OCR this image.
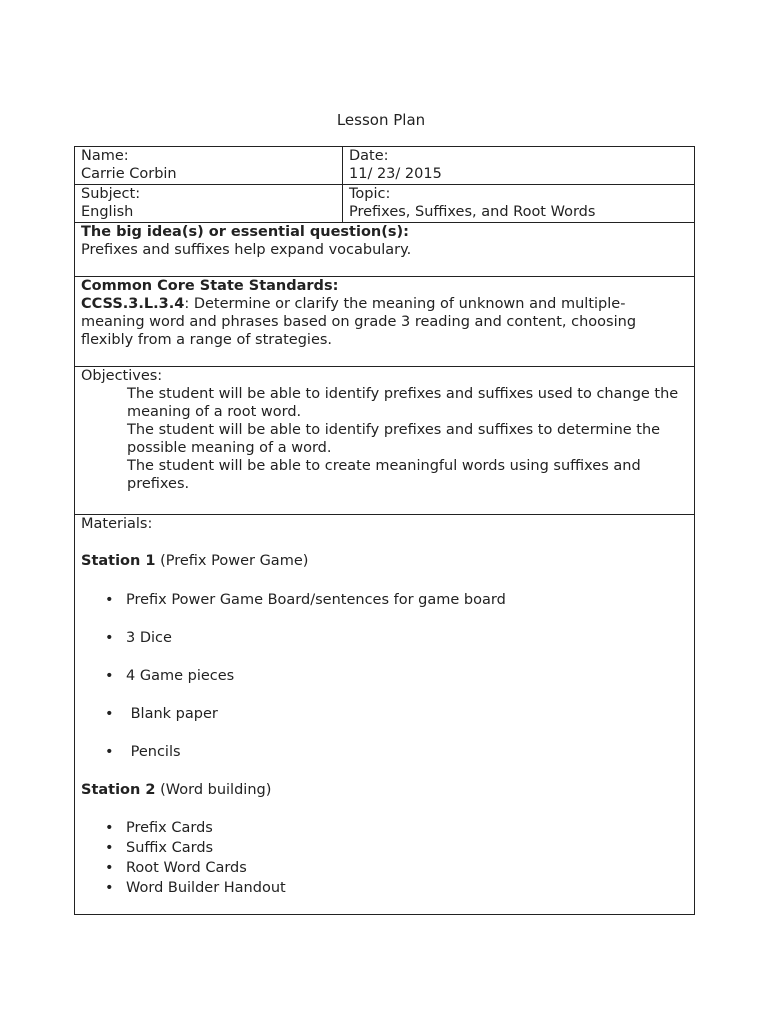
Lesson Plan
Name:
Carrie Corbin
Date:
11/ 23/ 2015
Subject:
English
Topic:
Prefixes, Suffixes, and Root Words
The big idea(s) or essential question(s):
Prefixes and suffixes help expand vocabulary.
Common Core State Standards:
CCSS.3.L.3.4: Determine or clarify the meaning of unknown and multiple-meaning word and phrases based on grade 3 reading and content, choosing flexibly from a range of strategies.
Objectives:
The student will be able to identify prefixes and suffixes used to change the meaning of a root word.
The student will be able to identify prefixes and suffixes to determine the possible meaning of a word.
The student will be able to create meaningful words using suffixes and prefixes.
Materials:
Station 1 (Prefix Power Game)
• Prefix Power Game Board/sentences for game board
• 3 Dice
• 4 Game pieces
•  Blank paper
•  Pencils
Station 2 (Word building)
• Prefix Cards
• Suffix Cards
• Root Word Cards
• Word Builder Handout
